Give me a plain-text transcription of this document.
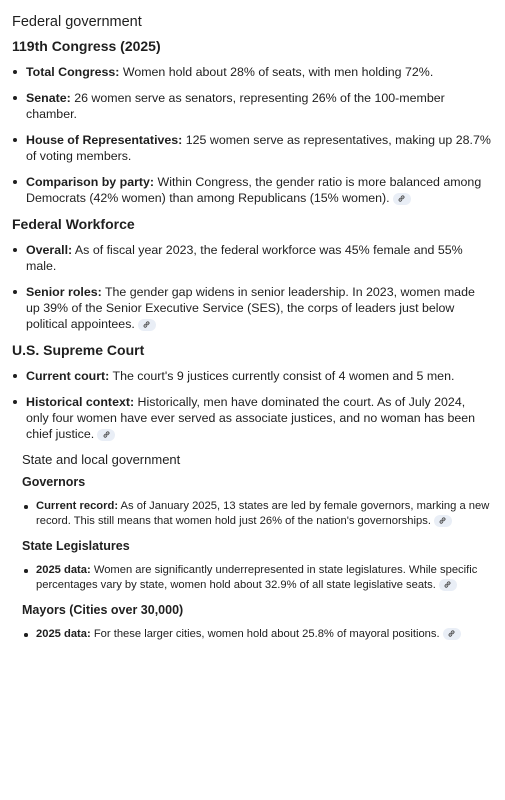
Federal government
119th Congress (2025)
Total Congress: Women hold about 28% of seats, with men holding 72%.
Senate: 26 women serve as senators, representing 26% of the 100-member chamber.
House of Representatives: 125 women serve as representatives, making up 28.7% of voting members.
Comparison by party: Within Congress, the gender ratio is more balanced among Democrats (42% women) than among Republicans (15% women).
Federal Workforce
Overall: As of fiscal year 2023, the federal workforce was 45% female and 55% male.
Senior roles: The gender gap widens in senior leadership. In 2023, women made up 39% of the Senior Executive Service (SES), the corps of leaders just below political appointees.
U.S. Supreme Court
Current court: The court's 9 justices currently consist of 4 women and 5 men.
Historical context: Historically, men have dominated the court. As of July 2024, only four women have ever served as associate justices, and no woman has been chief justice.
State and local government
Governors
Current record: As of January 2025, 13 states are led by female governors, marking a new record. This still means that women hold just 26% of the nation's governorships.
State Legislatures
2025 data: Women are significantly underrepresented in state legislatures. While specific percentages vary by state, women hold about 32.9% of all state legislative seats.
Mayors (Cities over 30,000)
2025 data: For these larger cities, women hold about 25.8% of mayoral positions.
